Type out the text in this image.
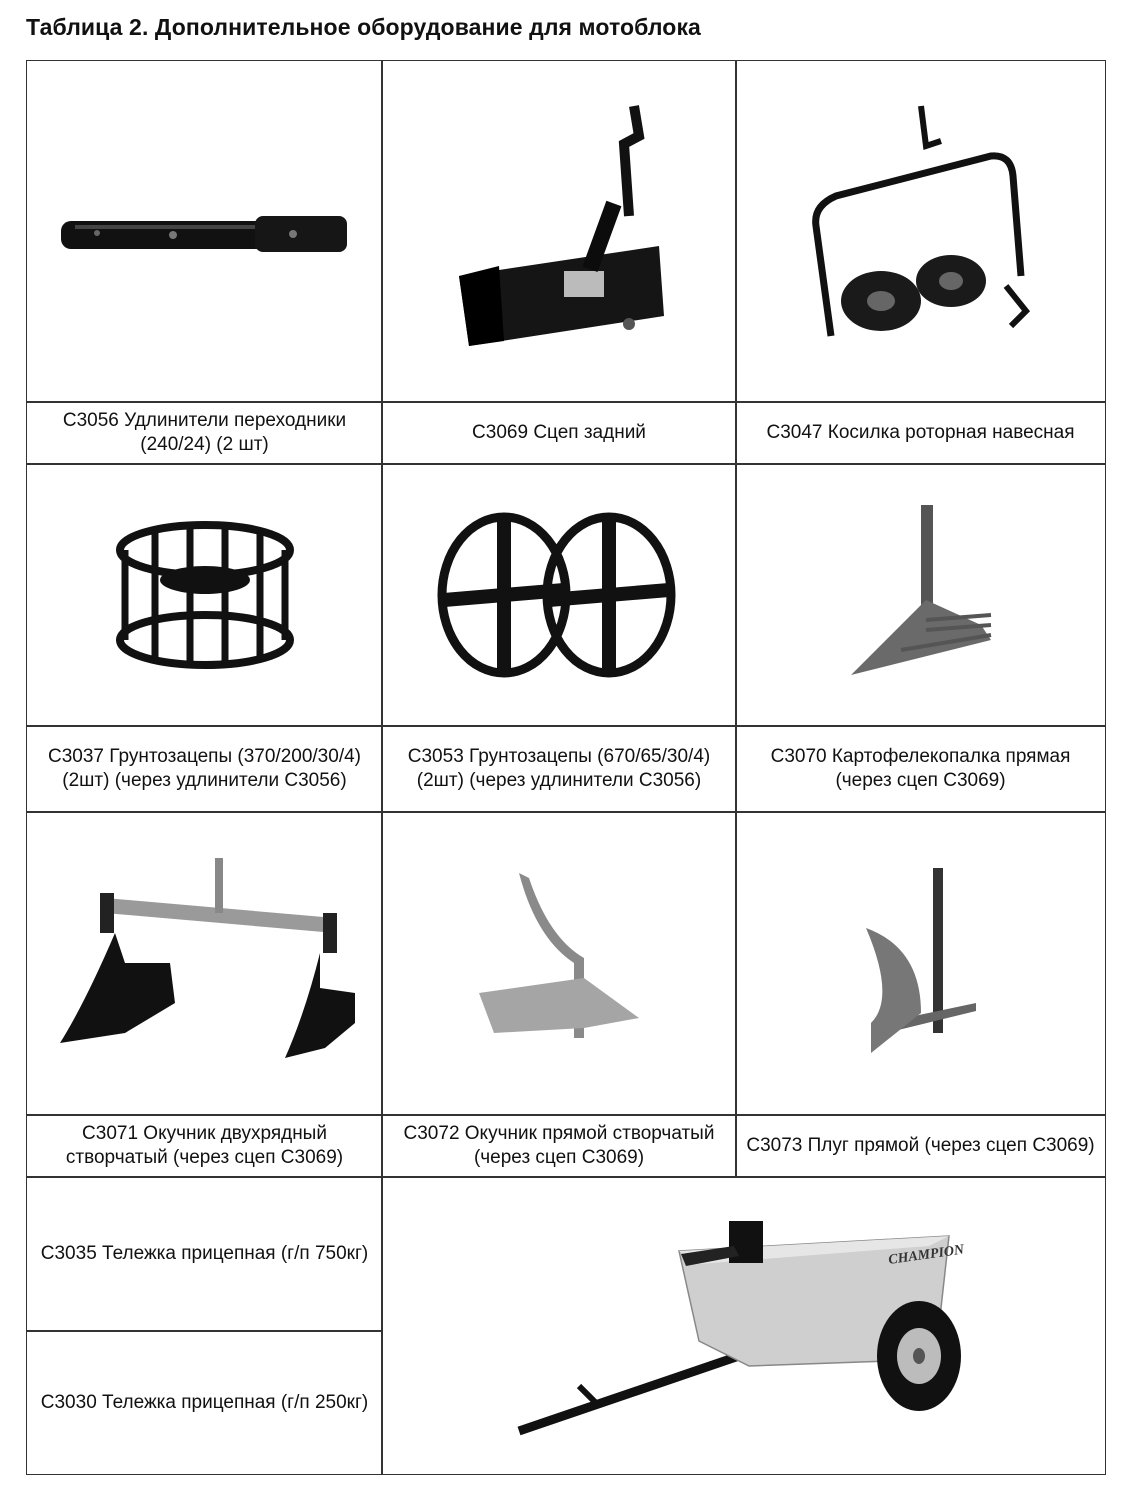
Таблица 2. Дополнительное оборудование для мотоблока
C3056 Удлинители переходники (240/24) (2 шт)
C3069 Сцеп задний	C3047 Косилка роторная навесная
C3037 Грунтозацепы (370/200/30/4) (2шт) (через удлинители C3056)
C3053 Грунтозацепы (670/65/30/4) (2шт) (через удлинители C3056)
C3070 Картофелекопалка прямая (через сцеп C3069)
C3071 Окучник двухрядный створчатый (через сцеп C3069)
C3072 Окучник прямой створчатый (через сцеп C3069)
C3073 Плуг прямой (через сцеп C3069)
C3035 Тележка прицепная (г/п 750кг)
C3030 Тележка прицепная (г/п 250кг)
CHAMPION
